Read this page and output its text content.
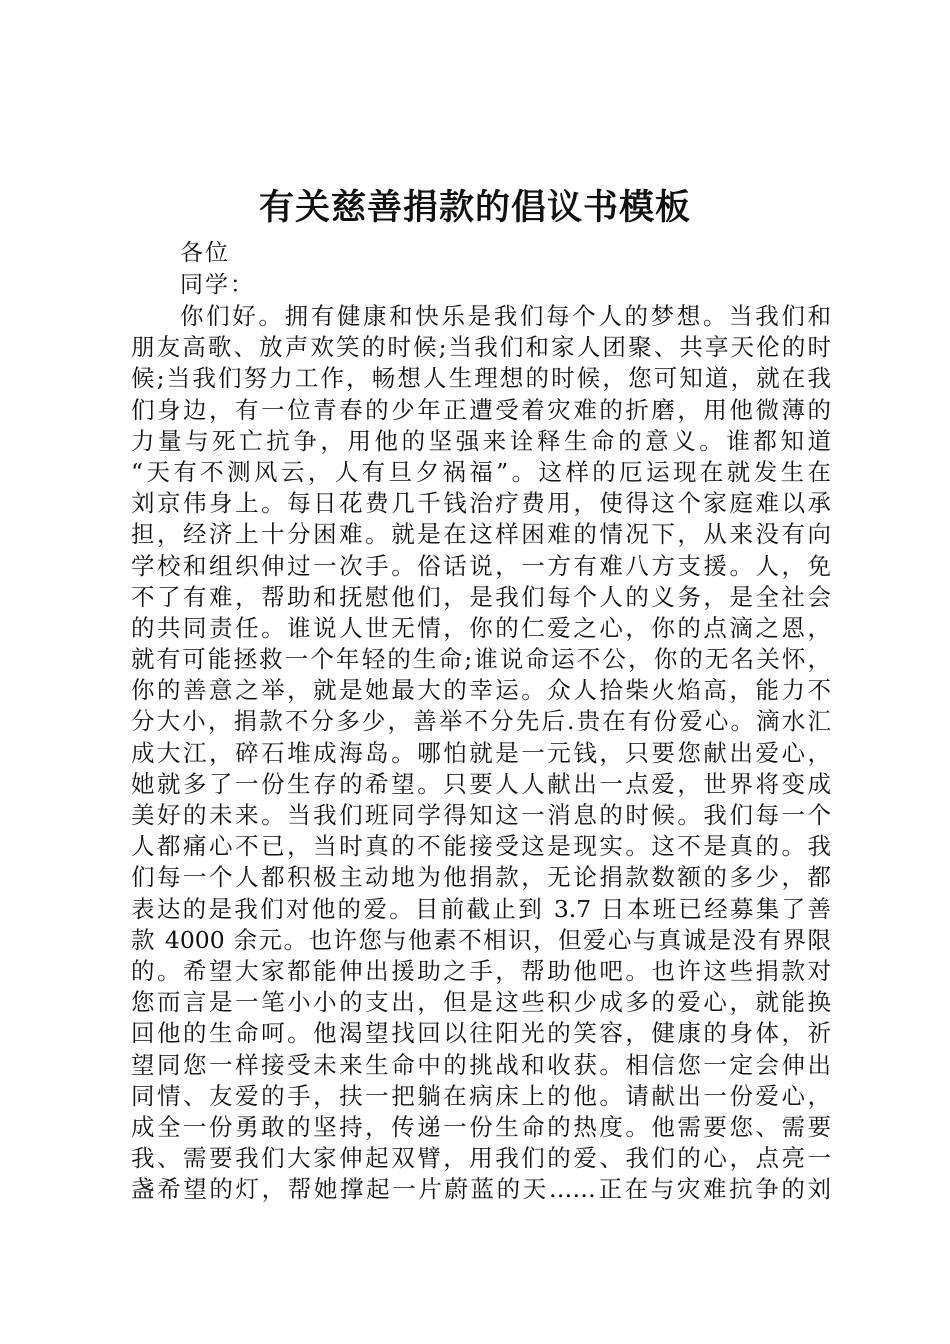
有关慈善捐款的倡议书模板

各位

同学：

你们好。拥有健康和快乐是我们每个人的梦想。当我们和
朋友高歌、放声欢笑的时候;当我们和家人团聚、共享天伦的时
候;当我们努力工作，畅想人生理想的时候，您可知道，就在我
们身边，有一位青春的少年正遭受着灾难的折磨，用他微薄的
力量与死亡抗争，用他的坚强来诠释生命的意义。谁都知道
“天有不测风云，人有旦夕祸福”。这样的厄运现在就发生在
刘京伟身上。每日花费几千钱治疗费用，使得这个家庭难以承
担，经济上十分困难。就是在这样困难的情况下，从来没有向
学校和组织伸过一次手。俗话说，一方有难八方支援。人，免
不了有难，帮助和抚慰他们，是我们每个人的义务，是全社会
的共同责任。谁说人世无情，你的仁爱之心，你的点滴之恩，
就有可能拯救一个年轻的生命;谁说命运不公，你的无名关怀，
你的善意之举，就是她最大的幸运。众人拾柴火焰高，能力不
分大小，捐款不分多少，善举不分先后.贵在有份爱心。滴水汇
成大江，碎石堆成海岛。哪怕就是一元钱，只要您献出爱心，
她就多了一份生存的希望。只要人人献出一点爱，世界将变成
美好的未来。当我们班同学得知这一消息的时候。我们每一个
人都痛心不已，当时真的不能接受这是现实。这不是真的。我
们每一个人都积极主动地为他捐款，无论捐款数额的多少，都
表达的是我们对他的爱。目前截止到 3.7 日本班已经募集了善
款 4000 余元。也许您与他素不相识，但爱心与真诚是没有界限
的。希望大家都能伸出援助之手，帮助他吧。也许这些捐款对
您而言是一笔小小的支出，但是这些积少成多的爱心，就能换
回他的生命呵。他渴望找回以往阳光的笑容，健康的身体，祈
望同您一样接受未来生命中的挑战和收获。相信您一定会伸出
同情、友爱的手，扶一把躺在病床上的他。请献出一份爱心，
成全一份勇敢的坚持，传递一份生命的热度。他需要您、需要
我、需要我们大家伸起双臂，用我们的爱、我们的心，点亮一
盏希望的灯，帮她撑起一片蔚蓝的天……正在与灾难抗争的刘
